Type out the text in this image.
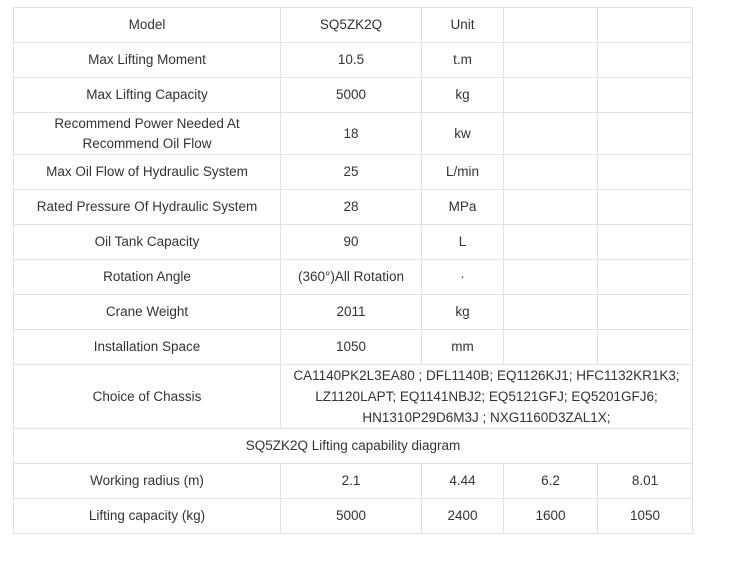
Model	SQ5ZK2Q	Unit		
Max Lifting Moment	10.5	t.m		
Max Lifting Capacity	5000	kg		
Recommend Power Needed At Recommend Oil Flow	18	kw		
Max Oil Flow of Hydraulic System	25	L/min		
Rated Pressure Of Hydraulic System	28	MPa		
Oil Tank Capacity	90	L		
Rotation Angle	(360°)All Rotation	·		
Crane Weight	2011	kg		
Installation Space	1050	mm		
Choice of Chassis	CA1140PK2L3EA80 ; DFL1140B; EQ1126KJ1; HFC1132KR1K3; LZ1120LAPT; EQ1141NBJ2; EQ5121GFJ; EQ5201GFJ6; HN1310P29D6M3J ; NXG1160D3ZAL1X;			
SQ5ZK2Q Lifting capability diagram				
Working radius (m)	2.1	4.44	6.2	8.01
Lifting capacity (kg)	5000	2400	1600	1050
